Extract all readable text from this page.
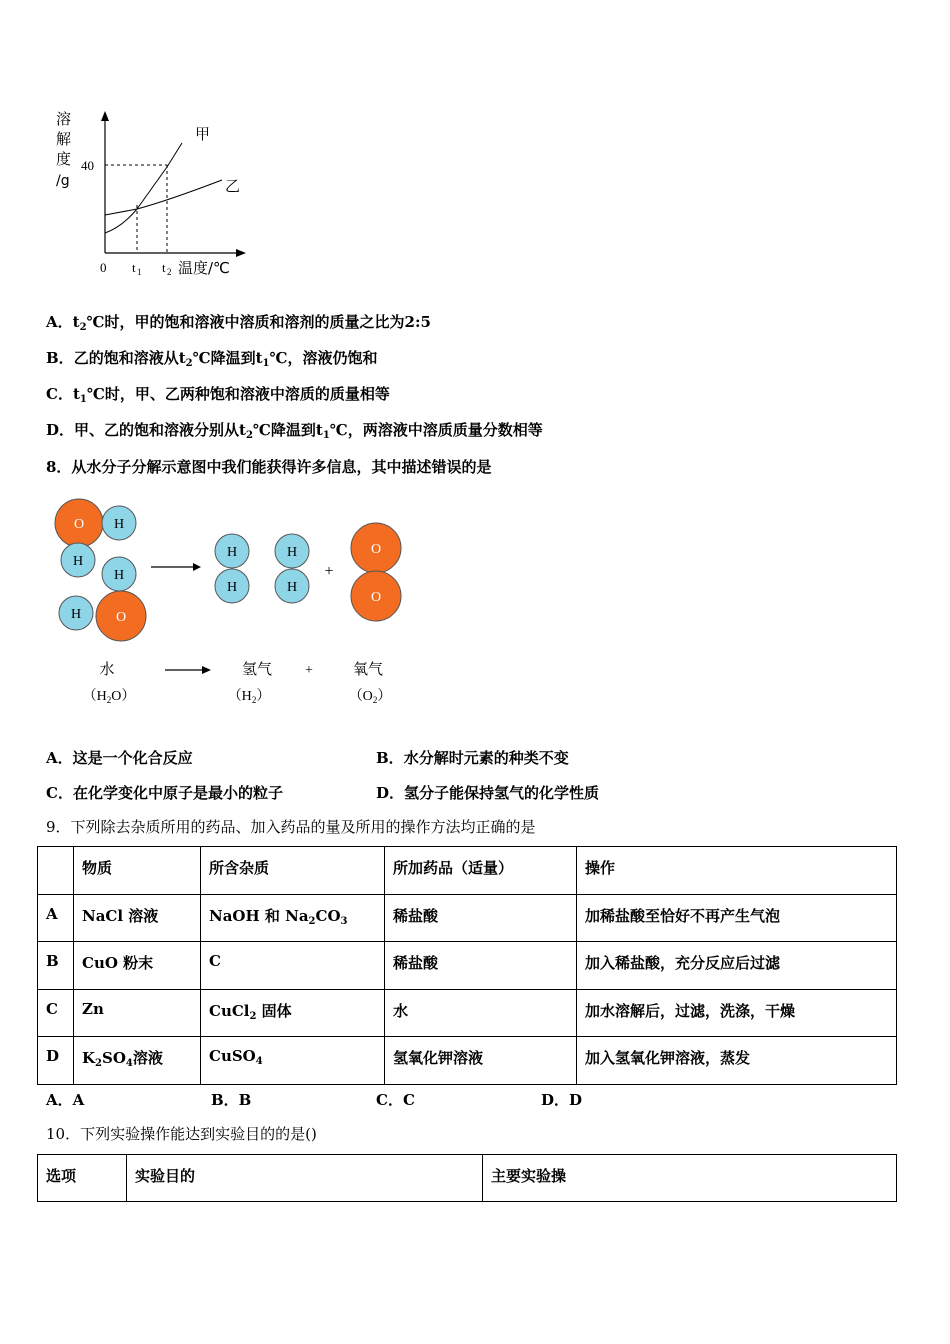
溶
解
度
/g
40
0 t 1 t 2 温度/℃
甲
乙
A．$t_2℃$时，甲的饱和溶液中溶质和溶剂的质量之比为2:5
B．乙的饱和溶液从$t_2℃$降温到$t_1℃$，溶液仍饱和
C．$t_1℃$时，甲、乙两种饱和溶液中溶质的质量相等
D．甲、乙的饱和溶液分别从$t_2℃$降温到$t_1℃$，两溶液中溶质质量分数相等
8．从水分子分解示意图中我们能获得许多信息，其中描述错误的是
O H
H
H
H O
H
H
H
H
+
O
O
水	氢气 +	氧气
$(H_2O)$	$(H_2)$	$(O_2)$
A．这是一个化合反应	B．水分解时元素的种类不变
C．在化学变化中原子是最小的粒子	D．氢分子能保持氢气的化学性质
9．下列除去杂质所用的药品、加入药品的量及所用的操作方法均正确的是
	物质	所含杂质	所加药品（适量）	操作
A	NaCl 溶液	NaOH 和 $Na_2CO_3$	稀盐酸	加稀盐酸至恰好不再产生气泡
B	CuO 粉末	C	稀盐酸	加入稀盐酸，充分反应后过滤
C	Zn	CuCl$_2$ 固体	水	加水溶解后，过滤，洗涤，干燥
D	$K_2SO_4$溶液	CuSO$_4$	氢氧化钾溶液	加入氢氧化钾溶液，蒸发
A．A	B．B	C．C	D．D
10．下列实验操作能达到实验目的的是()
选项	实验目的	主要实验操
